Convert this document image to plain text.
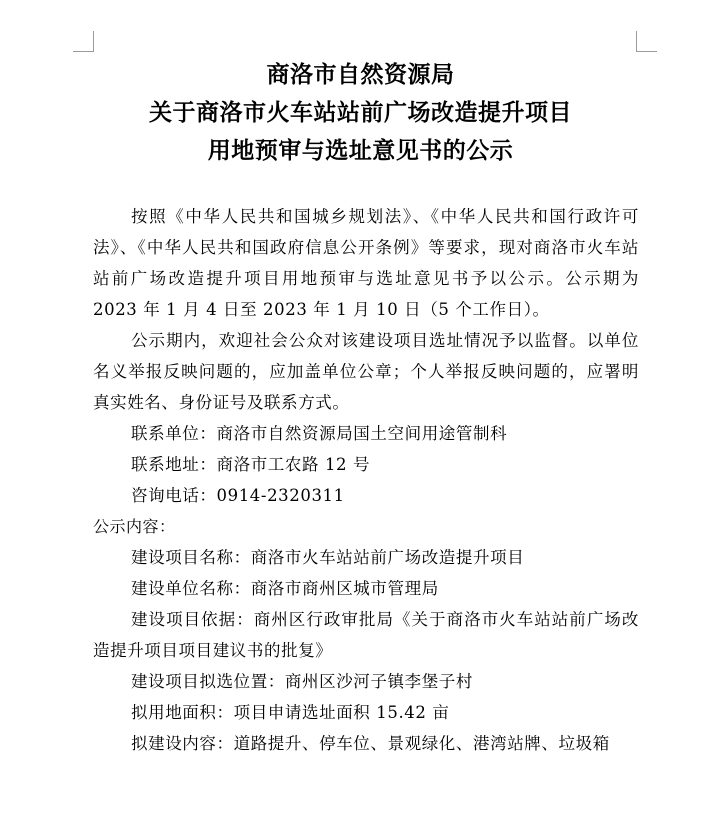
商洛市自然资源局
关于商洛市火车站站前广场改造提升项目
用地预审与选址意见书的公示

按照《中华人民共和国城乡规划法》、《中华人民共和国行政许可法》、《中华人民共和国政府信息公开条例》等要求，现对商洛市火车站站前广场改造提升项目用地预审与选址意见书予以公示。公示期为 2023 年 1 月 4 日至 2023 年 1 月 10 日（5 个工作日）。

公示期内，欢迎社会公众对该建设项目选址情况予以监督。以单位名义举报反映问题的，应加盖单位公章；个人举报反映问题的，应署明真实姓名、身份证号及联系方式。

联系单位：商洛市自然资源局国土空间用途管制科

联系地址：商洛市工农路 12 号

咨询电话：0914-2320311

公示内容：

建设项目名称：商洛市火车站站前广场改造提升项目

建设单位名称：商洛市商州区城市管理局

建设项目依据：商州区行政审批局《关于商洛市火车站站前广场改造提升项目项目建议书的批复》

建设项目拟选位置：商州区沙河子镇李堡子村

拟用地面积：项目申请选址面积 15.42 亩

拟建设内容：道路提升、停车位、景观绿化、港湾站牌、垃圾箱
